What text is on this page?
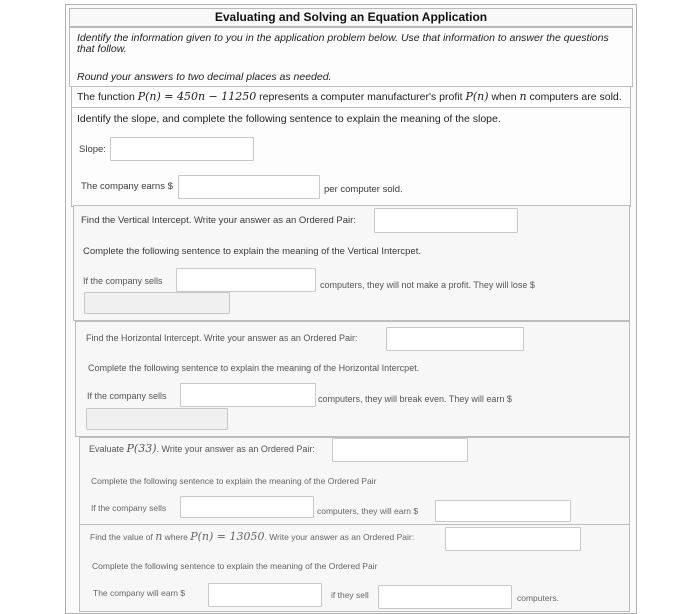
Evaluating and Solving an Equation Application
Identify the information given to you in the application problem below. Use that information to answer the questions
that follow.
Round your answers to two decimal places as needed.
The function P(n) = 450n − 11250 represents a computer manufacturer's profit P(n) when n computers are sold.
Identify the slope, and complete the following sentence to explain the meaning of the slope.
Slope:
The company earns $	per computer sold.
Find the Vertical Intercept. Write your answer as an Ordered Pair:
Complete the following sentence to explain the meaning of the Vertical Intercpet.
If the company sells	computers, they will not make a profit. They will lose $
Find the Horizontal Intercept. Write your answer as an Ordered Pair:
Complete the following sentence to explain the meaning of the Horizontal Intercpet.
If the company sells	computers, they will break even. They will earn $
Evaluate P(33). Write your answer as an Ordered Pair:
Complete the following sentence to explain the meaning of the Ordered Pair
If the company sells	computers, they will earn $
Find the value of n where P(n) = 13050. Write your answer as an Ordered Pair:
Complete the following sentence to explain the meaning of the Ordered Pair
The company will earn $	if they sell	computers.
